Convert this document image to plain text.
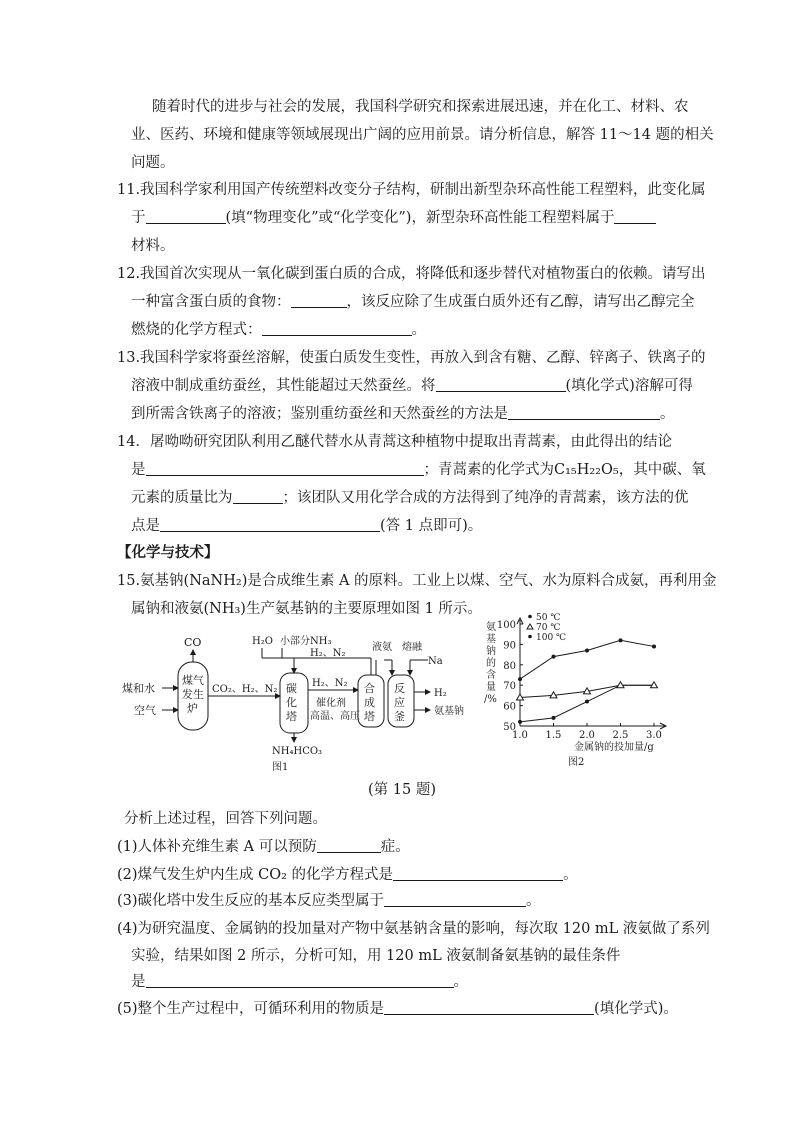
随着时代的进步与社会的发展，我国科学研究和探索进展迅速，并在化工、材料、农
业、医药、环境和健康等领域展现出广阔的应用前景。请分析信息，解答 11～14 题的相关
问题。
11.我国科学家利用国产传统塑料改变分子结构，研制出新型杂环高性能工程塑料，此变化属
于	(填“物理变化”或“化学变化”)，新型杂环高性能工程塑料属于
材料。
12.我国首次实现从一氧化碳到蛋白质的合成，将降低和逐步替代对植物蛋白的依赖。请写出
一种富含蛋白质的食物：	，该反应除了生成蛋白质外还有乙醇，请写出乙醇完全
燃烧的化学方程式：	。
13.我国科学家将蚕丝溶解，使蛋白质发生变性，再放入到含有糖、乙醇、锌离子、铁离子的
溶液中制成重纺蚕丝，其性能超过天然蚕丝。将	(填化学式)溶解可得
到所需含铁离子的溶液；鉴别重纺蚕丝和天然蚕丝的方法是	。
14．屠呦呦研究团队利用乙醚代替水从青蒿这种植物中提取出青蒿素，由此得出的结论
是	；青蒿素的化学式为C₁₅H₂₂O₅，其中碳、氧
元素的质量比为	；该团队又用化学合成的方法得到了纯净的青蒿素，该方法的优
点是	(答 1 点即可)。
【化学与技术】
15.氨基钠(NaNH₂)是合成维生素 A 的原料。工业上以煤、空气、水为原料合成氨，再利用金
属钠和液氨(NH₃)生产氨基钠的主要原理如图 1 所示。
煤和水
空气
煤气
发生
炉
CO
CO₂、H₂、N₂
H₂O 小部分NH₃
H₂、N₂
碳
化
塔
H₂、N₂
催化剂
高温、高压
合
成
塔
液氨 熔融
Na
反
应
釜
H₂
氨基钠
NH₄HCO₃
图1
氨
基
钠
的
含
量
/%
金属钠的投加量/g
图2
1.0 1.5 2.0 2.5 3.0
50
60
70
80
90
100
50 ℃
70 ℃
100 ℃
(第 15 题)
分析上述过程，回答下列问题。
(1)人体补充维生素 A 可以预防	症。
(2)煤气发生炉内生成 CO₂ 的化学方程式是	。
(3)碳化塔中发生反应的基本反应类型属于	。
(4)为研究温度、金属钠的投加量对产物中氨基钠含量的影响，每次取 120 mL 液氨做了系列
实验，结果如图 2 所示，分析可知，用 120 mL 液氨制备氨基钠的最佳条件
是	。
(5)整个生产过程中，可循环利用的物质是	(填化学式)。
